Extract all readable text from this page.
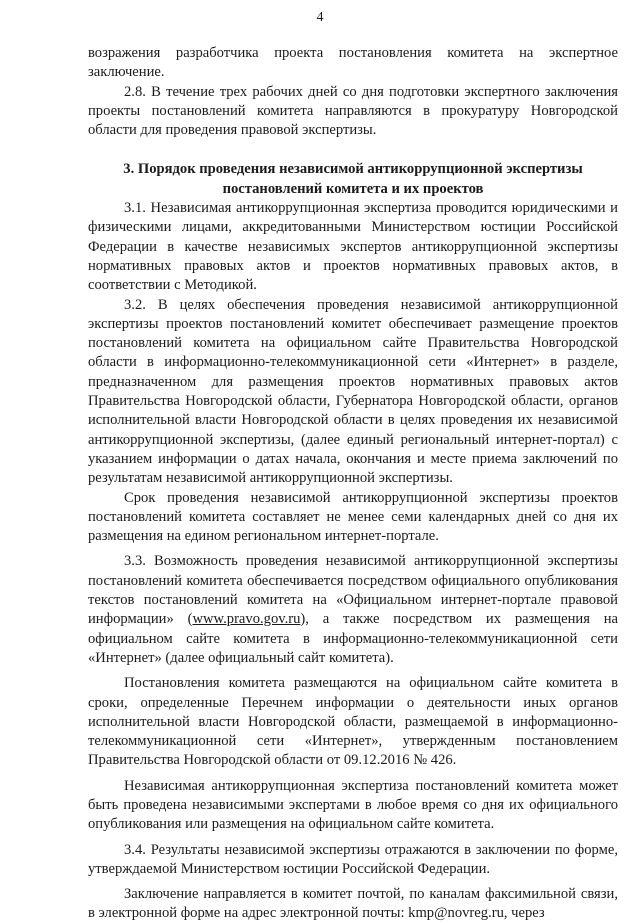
4

возражения разработчика проекта постановления комитета на экспертное заключение.

2.8. В течение трех рабочих дней со дня подготовки экспертного заключения проекты постановлений комитета направляются в прокуратуру Новгородской области для проведения правовой экспертизы.

3. Порядок проведения независимой антикоррупционной экспертизы постановлений комитета и их проектов

3.1. Независимая антикоррупционная экспертиза проводится юридическими и физическими лицами, аккредитованными Министерством юстиции Российской Федерации в качестве независимых экспертов антикоррупционной экспертизы нормативных правовых актов и проектов нормативных правовых актов, в соответствии с Методикой.

3.2. В целях обеспечения проведения независимой антикоррупционной экспертизы проектов постановлений комитет обеспечивает размещение проектов постановлений комитета на официальном сайте Правительства Новгородской области в информационно-телекоммуникационной сети «Интернет» в разделе, предназначенном для размещения проектов нормативных правовых актов Правительства Новгородской области, Губернатора Новгородской области, органов исполнительной власти Новгородской области в целях проведения их независимой антикоррупционной экспертизы, (далее единый региональный интернет-портал) с указанием информации о датах начала, окончания и месте приема заключений по результатам независимой антикоррупционной экспертизы.

Срок проведения независимой антикоррупционной экспертизы проектов постановлений комитета составляет не менее семи календарных дней со дня их размещения на едином региональном интернет-портале.

3.3. Возможность проведения независимой антикоррупционной экспертизы постановлений комитета обеспечивается посредством официального опубликования текстов постановлений комитета на «Официальном интернет-портале правовой информации» (www.pravo.gov.ru), а также посредством их размещения на официальном сайте комитета в информационно-телекоммуникационной сети «Интернет» (далее официальный сайт комитета).

Постановления комитета размещаются на официальном сайте комитета в сроки, определенные Перечнем информации о деятельности иных органов исполнительной власти Новгородской области, размещаемой в информационно-телекоммуникационной сети «Интернет», утвержденным постановлением Правительства Новгородской области от 09.12.2016 № 426.

Независимая антикоррупционная экспертиза постановлений комитета может быть проведена независимыми экспертами в любое время со дня их официального опубликования или размещения на официальном сайте комитета.

3.4. Результаты независимой экспертизы отражаются в заключении по форме, утверждаемой Министерством юстиции Российской Федерации.

Заключение направляется в комитет почтой, по каналам факсимильной связи, в электронной форме на адрес электронной почты: kmp@novreg.ru, через
